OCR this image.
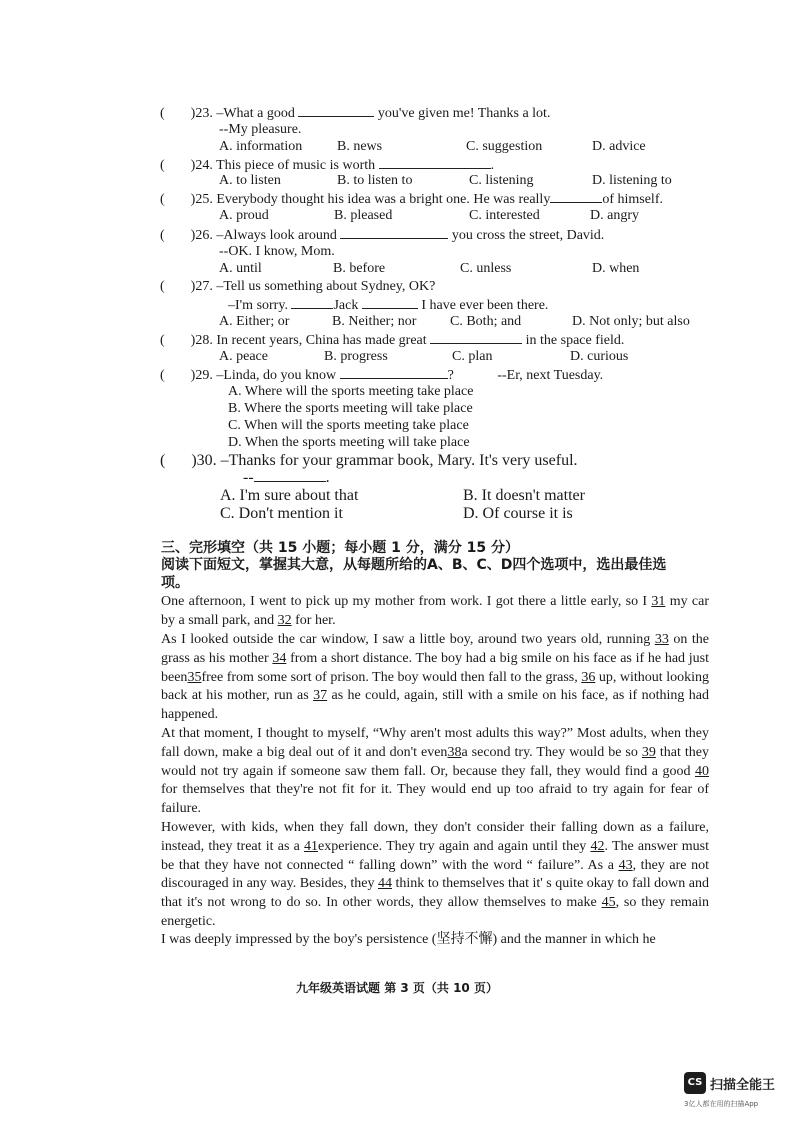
( )23. –What a good	you've given me! Thanks a lot.
--My pleasure.
A. information B. news	C. suggestion	D. advice
( )24. This piece of music is worth	.
A. to listen	B. to listen to	C. listening	D. listening to
( )25. Everybody thought his idea was a bright one. He was really	of himself.
A. proud	B. pleased	C. interested	D. angry
( )26. –Always look around	you cross the street, David.
--OK. I know, Mom.
A. until	B. before	C. unless	D. when
( )27. –Tell us something about Sydney, OK?
–I'm sorry.	Jack	I have ever been there.
A. Either; or	B. Neither; nor C. Both; and	D. Not only; but also
( )28. In recent years, China has made great	in the space field.
A. peace	B. progress	C. plan	D. curious
( )29. –Linda, do you know	?	--Er, next Tuesday.
A. Where will the sports meeting take place
B. Where the sports meeting will take place
C. When will the sports meeting take place
D. When the sports meeting will take place
( )30. –Thanks for your grammar book, Mary. It's very useful.
--	.
A. I'm sure about that	B. It doesn't matter
C. Don't mention it	D. Of course it is
三、完形填空（共 15 小题；每小题 1 分，满分 15 分）
阅读下面短文，掌握其大意，从每题所给的A、B、C、D四个选项中，选出最佳选
项。
One afternoon, I went to pick up my mother from work. I got there a little early, so I 31 my car by a small park, and 32 for her.
As I looked outside the car window, I saw a little boy, around two years old, running 33 on the grass as his mother 34 from a short distance. The boy had a big smile on his face as if he had just been35free from some sort of prison. The boy would then fall to the grass, 36 up, without looking back at his mother, run as 37 as he could, again, still with a smile on his face, as if nothing had happened.
At that moment, I thought to myself, “Why aren't most adults this way?” Most adults, when they fall down, make a big deal out of it and don't even38a second try. They would be so 39 that they would not try again if someone saw them fall. Or, because they fall, they would find a good 40 for themselves that they're not fit for it. They would end up too afraid to try again for fear of failure.
However, with kids, when they fall down, they don't consider their falling down as a failure, instead, they treat it as a 41experience. They try again and again until they 42. The answer must be that they have not connected “ falling down” with the word “ failure”. As a 43, they are not discouraged in any way. Besides, they 44 think to themselves that it' s quite okay to fall down and that it's not wrong to do so. In other words, they allow themselves to make 45, so they remain energetic.
I was deeply impressed by the boy's persistence (坚持不懈) and the manner in which he
九年级英语试题 第 3 页（共 10 页）
CS 扫描全能王
3亿人都在用的扫描App
